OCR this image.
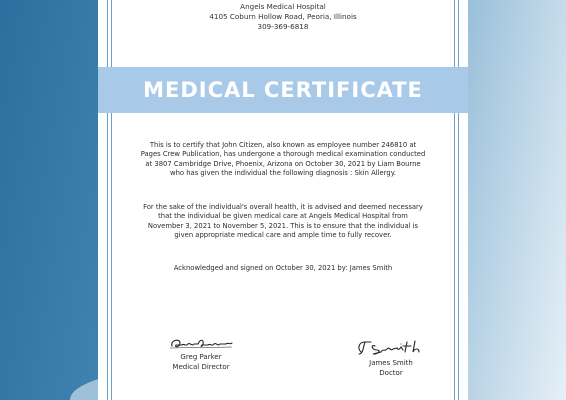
Angels Medical Hospital
4105 Coburn Hollow Road, Peoria, Illinois
309-369-6818
MEDICAL CERTIFICATE

This is to certify that John Citizen, also known as employee number 246810 at Pages Crew Publication, has undergone a thorough medical examination conducted at 3807 Cambridge Drive, Phoenix, Arizona on October 30, 2021 by Liam Bourne who has given the individual the following diagnosis : Skin Allergy.

For the sake of the individual's overall health, it is advised and deemed necessary that the individual be given medical care at Angels Medical Hospital from November 3, 2021 to November 5, 2021. This is to ensure that the individual is given appropriate medical care and ample time to fully recover.

Acknowledged and signed on October 30, 2021 by: James Smith

Greg Parker
Medical Director	James Smith
Doctor
